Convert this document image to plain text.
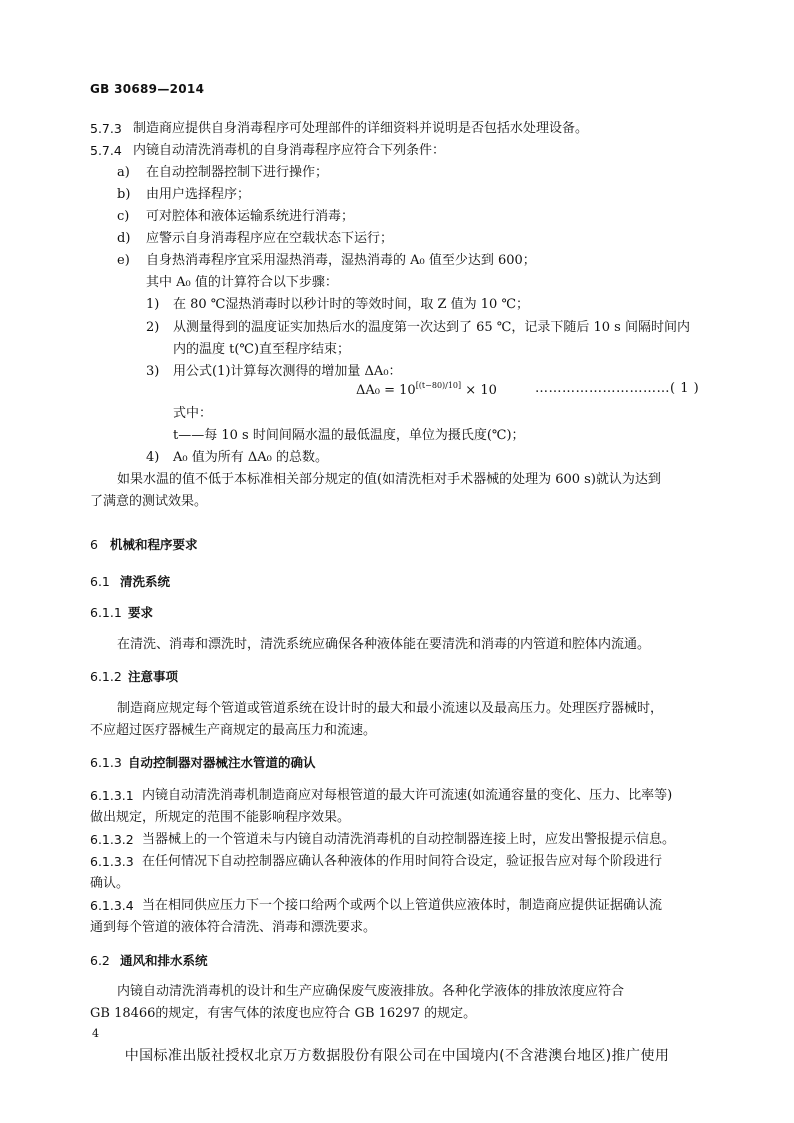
GB 30689—2014
5.7.3 制造商应提供自身消毒程序可处理部件的详细资料并说明是否包括水处理设备。
5.7.4 内镜自动清洗消毒机的自身消毒程序应符合下列条件：
a) 在自动控制器控制下进行操作；
b) 由用户选择程序；
c) 可对腔体和液体运输系统进行消毒；
d) 应警示自身消毒程序应在空载状态下运行；
e) 自身热消毒程序宜采用湿热消毒，湿热消毒的 A₀ 值至少达到 600；
其中 A₀ 值的计算符合以下步骤：
1) 在 80 ℃湿热消毒时以秒计时的等效时间，取 Z 值为 10 ℃；
2) 从测量得到的温度证实加热后水的温度第一次达到了 65 ℃，记录下随后 10 s 间隔时间内
内的温度 t(℃)直至程序结束；
3) 用公式(1)计算每次测得的增加量 ΔA₀：
ΔA₀ = 10[(t−80)/10] × 10	…………………………( 1 )
式中：
t——每 10 s 时间间隔水温的最低温度，单位为摄氏度(℃)；
4) A₀ 值为所有 ΔA₀ 的总数。
如果水温的值不低于本标准相关部分规定的值(如清洗柜对手术器械的处理为 600 s)就认为达到
了满意的测试效果。
6 机械和程序要求
6.1 清洗系统
6.1.1 要求
在清洗、消毒和漂洗时，清洗系统应确保各种液体能在要清洗和消毒的内管道和腔体内流通。
6.1.2 注意事项
制造商应规定每个管道或管道系统在设计时的最大和最小流速以及最高压力。处理医疗器械时，
不应超过医疗器械生产商规定的最高压力和流速。
6.1.3 自动控制器对器械注水管道的确认
6.1.3.1 内镜自动清洗消毒机制造商应对每根管道的最大许可流速(如流通容量的变化、压力、比率等)
做出规定，所规定的范围不能影响程序效果。
6.1.3.2 当器械上的一个管道未与内镜自动清洗消毒机的自动控制器连接上时，应发出警报提示信息。
6.1.3.3 在任何情况下自动控制器应确认各种液体的作用时间符合设定，验证报告应对每个阶段进行
确认。
6.1.3.4 当在相同供应压力下一个接口给两个或两个以上管道供应液体时，制造商应提供证据确认流
通到每个管道的液体符合清洗、消毒和漂洗要求。
6.2 通风和排水系统
内镜自动清洗消毒机的设计和生产应确保废气废液排放。各种化学液体的排放浓度应符合
GB 18466的规定，有害气体的浓度也应符合 GB 16297 的规定。
4
中国标准出版社授权北京万方数据股份有限公司在中国境内(不含港澳台地区)推广使用
